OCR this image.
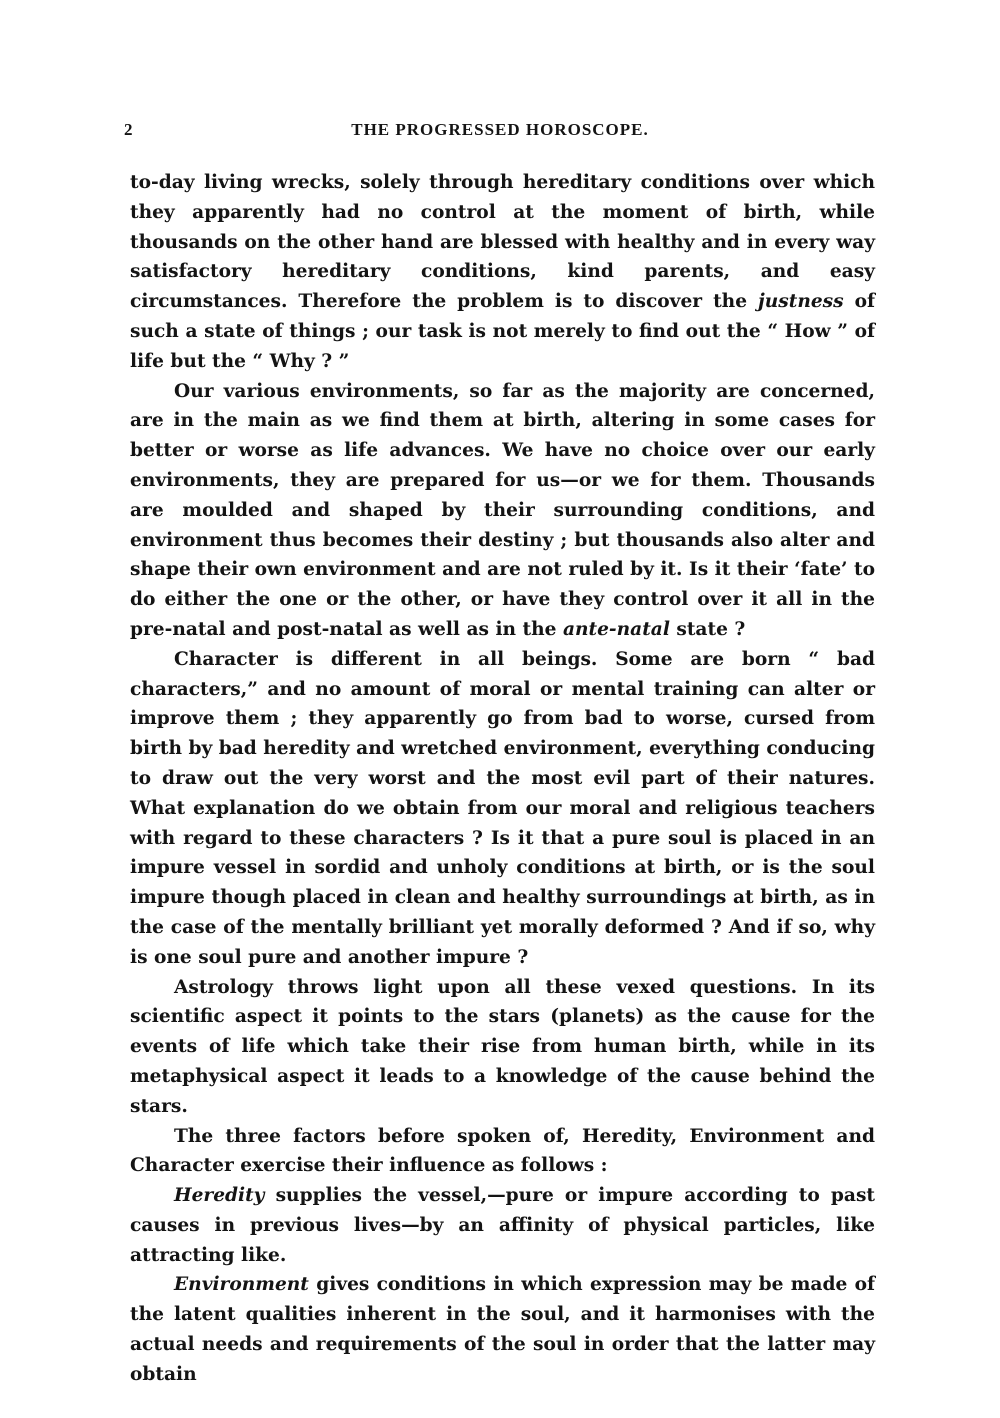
2	THE PROGRESSED HOROSCOPE.

to-day living wrecks, solely through hereditary conditions over which they apparently had no control at the moment of birth, while thousands on the other hand are blessed with healthy and in every way satisfactory hereditary conditions, kind parents, and easy circumstances. Therefore the problem is to discover the justness of such a state of things ; our task is not merely to find out the “ How ” of life but the “ Why ? ”

Our various environments, so far as the majority are concerned, are in the main as we find them at birth, altering in some cases for better or worse as life advances. We have no choice over our early environments, they are prepared for us—or we for them. Thousands are moulded and shaped by their surrounding conditions, and environment thus becomes their destiny ; but thousands also alter and shape their own environment and are not ruled by it. Is it their ‘fate’ to do either the one or the other, or have they control over it all in the pre-natal and post-natal as well as in the ante-natal state ?

Character is different in all beings. Some are born “ bad characters,” and no amount of moral or mental training can alter or improve them ; they apparently go from bad to worse, cursed from birth by bad heredity and wretched environment, everything conducing to draw out the very worst and the most evil part of their natures. What explanation do we obtain from our moral and religious teachers with regard to these characters ? Is it that a pure soul is placed in an impure vessel in sordid and unholy conditions at birth, or is the soul impure though placed in clean and healthy surroundings at birth, as in the case of the mentally brilliant yet morally deformed ? And if so, why is one soul pure and another impure ?

Astrology throws light upon all these vexed questions. In its scientific aspect it points to the stars (planets) as the cause for the events of life which take their rise from human birth, while in its metaphysical aspect it leads to a knowledge of the cause behind the stars.

The three factors before spoken of, Heredity, Environment and Character exercise their influence as follows :

Heredity supplies the vessel,—pure or impure according to past causes in previous lives—by an affinity of physical particles, like attracting like.

Environment gives conditions in which expression may be made of the latent qualities inherent in the soul, and it harmonises with the actual needs and requirements of the soul in order that the latter may obtain
